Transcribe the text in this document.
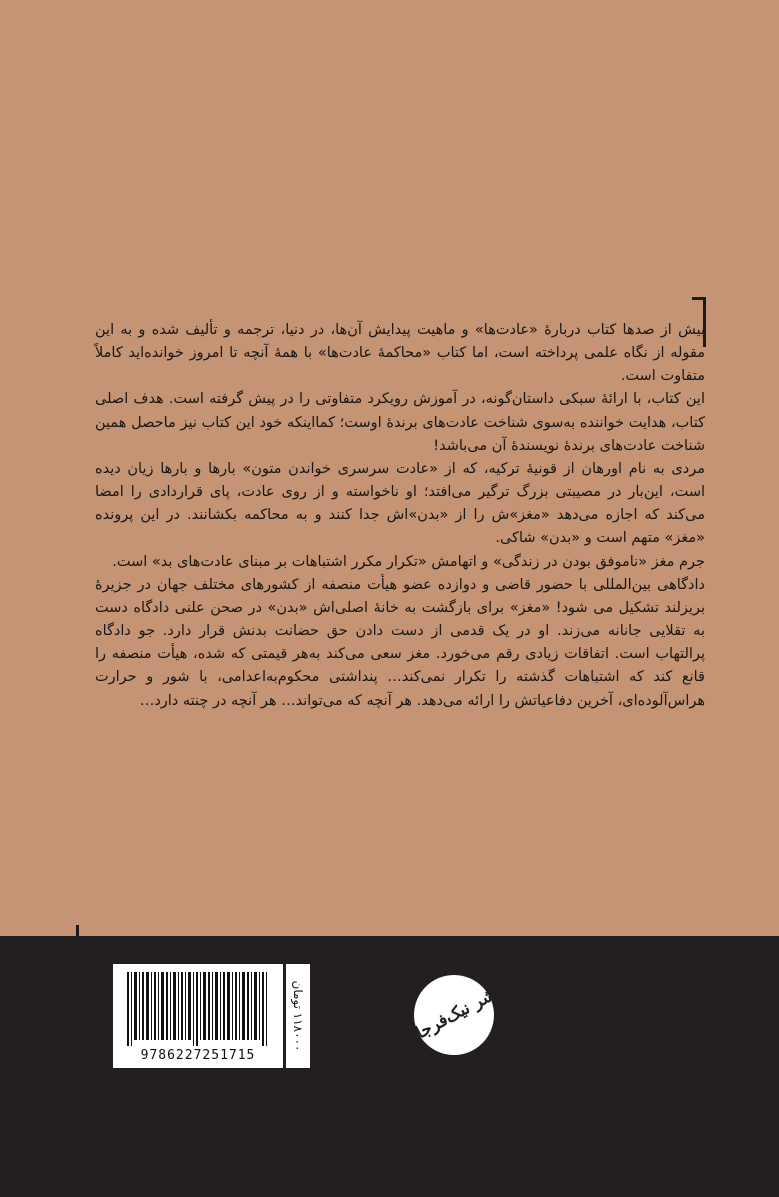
بیش از صدها کتاب دربارهٔ «عادت‌ها» و ماهیت پیدایش آن‌ها، در دنیا، ترجمه و تألیف شده و به این مقوله از نگاه علمی پرداخته است، اما کتاب «محاکمهٔ عادت‌ها» با همهٔ آنچه تا امروز خوانده‌اید کاملاً متفاوت است.

این کتاب، با ارائهٔ سبکی داستان‌گونه، در آموزش رویکرد متفاوتی را در پیش گرفته است. هدف اصلی کتاب، هدایت خواننده به‌سوی شناخت عادت‌های برندهٔ اوست؛ کمااینکه خود این کتاب نیز ماحصل همین شناخت عادت‌های برندهٔ نویسندهٔ آن می‌باشد!

مردی به نام اورهان از قونیهٔ ترکیه، که از «عادت سرسری خواندن متون» بارها و بارها زیان دیده است، این‌بار در مصیبتی بزرگ ترگیر می‌افتد؛ او ناخواسته و از روی عادت، پای قراردادی را امضا می‌کند که اجازه می‌دهد «مغز»ش را از «بدن»اش جدا کنند و به محاکمه بکشانند. در این پرونده «مغز» متهم است و «بدن» شاکی.

جرم مغز «ناموفق بودن در زندگی» و اتهامش «تکرار مکرر اشتباهات بر مبنای عادت‌های بد» است.

دادگاهی بین‌المللی با حضور قاضی و دوازده عضو هیأت منصفه از کشورهای مختلف جهان در جزیرهٔ بریزلند تشکیل می شود! «مغز» برای بازگشت به خانهٔ اصلی‌اش «بدن» در صحن علنی دادگاه دست به تقلایی جانانه می‌زند. او در یک قدمی از دست دادن حق حضانت بدنش قرار دارد. جو دادگاه پرالتهاب است. اتفاقات زیادی رقم می‌خورد. مغز سعی می‌کند به‌هر قیمتی که شده، هیأت منصفه را قانع کند که اشتباهات گذشته را تکرار نمی‌کند… پنداشتی محکوم‌به‌اعدامی، با شور و حرارت هراس‌آلوده‌ای، آخرین دفاعیاتش را ارائه می‌دهد. هر آنچه که می‌تواند… هر آنچه در چنته دارد…

9786227251715
۱۱۸۰۰۰ تومان	نشر نیک‌فرجام
